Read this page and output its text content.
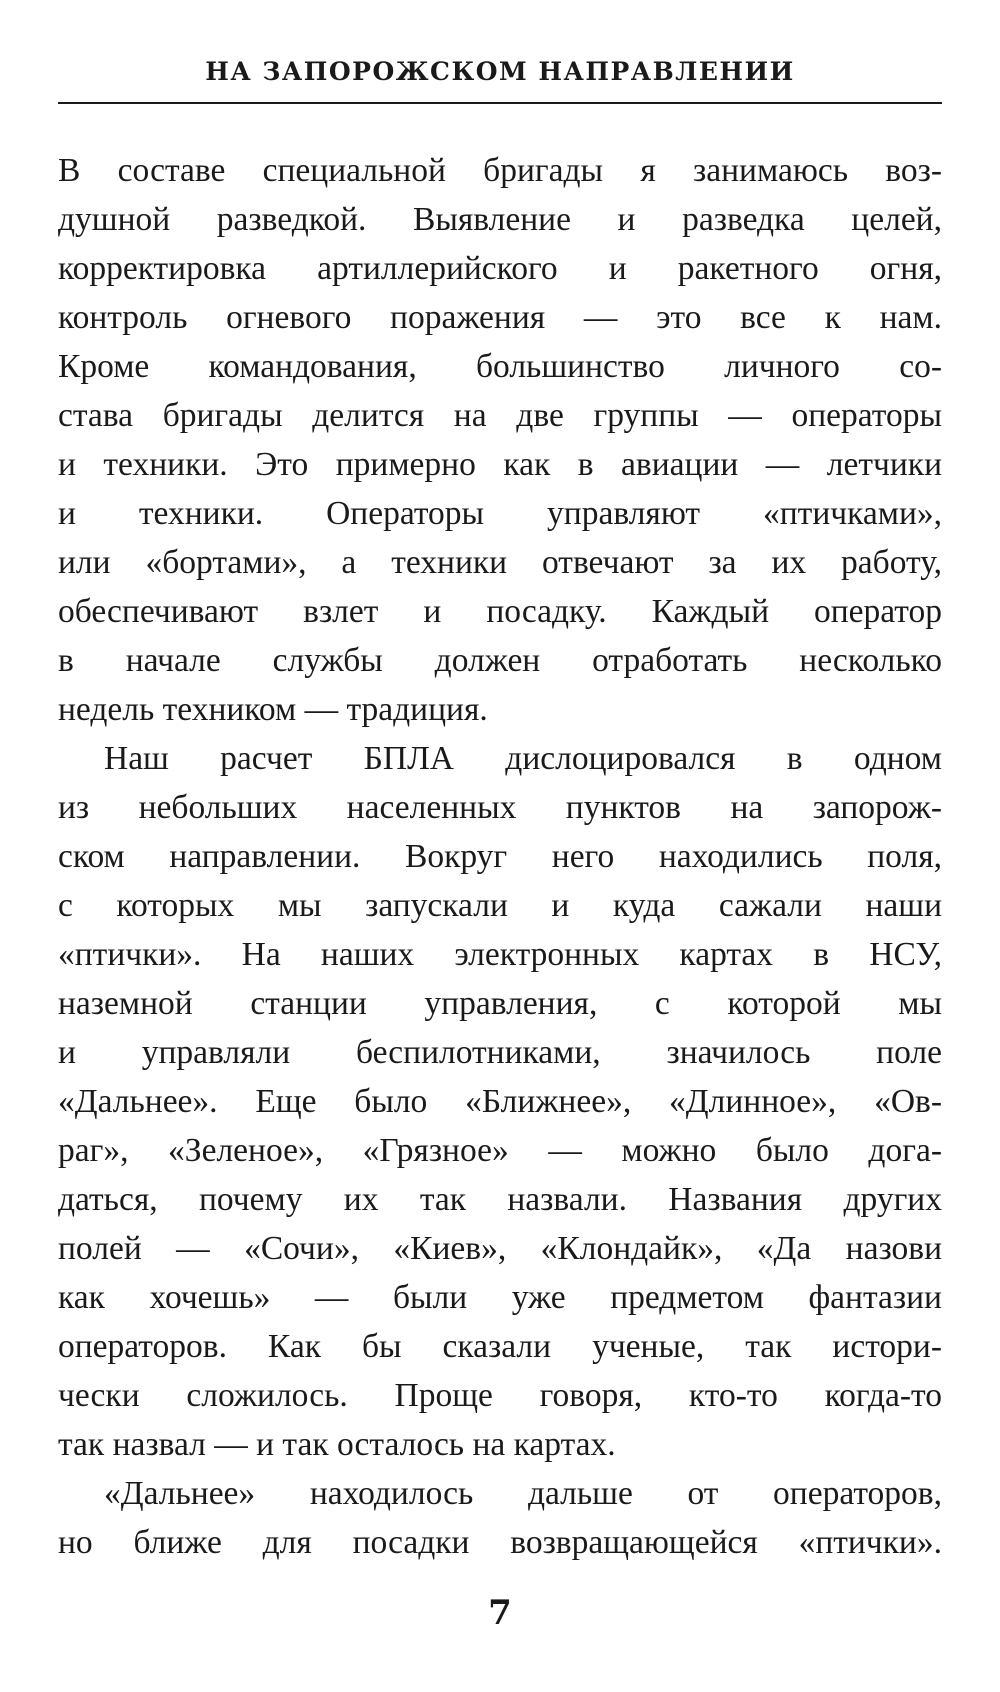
НА ЗАПОРОЖСКОМ НАПРАВЛЕНИИ
В составе специальной бригады я занимаюсь воз-
душной разведкой. Выявление и разведка целей,
корректировка артиллерийского и ракетного огня,
контроль огневого поражения — это все к нам.
Кроме командования, большинство личного со-
става бригады делится на две группы — операторы
и техники. Это примерно как в авиации — летчики
и техники. Операторы управляют «птичками»,
или «бортами», а техники отвечают за их работу,
обеспечивают взлет и посадку. Каждый оператор
в начале службы должен отработать несколько
недель техником — традиция.
Наш расчет БПЛА дислоцировался в одном
из небольших населенных пунктов на запорож-
ском направлении. Вокруг него находились поля,
с которых мы запускали и куда сажали наши
«птички». На наших электронных картах в НСУ,
наземной станции управления, с которой мы
и управляли беспилотниками, значилось поле
«Дальнее». Еще было «Ближнее», «Длинное», «Ов-
раг», «Зеленое», «Грязное» — можно было дога-
даться, почему их так назвали. Названия других
полей — «Сочи», «Киев», «Клондайк», «Да назови
как хочешь» — были уже предметом фантазии
операторов. Как бы сказали ученые, так истори-
чески сложилось. Проще говоря, кто-то когда-то
так назвал — и так осталось на картах.
«Дальнее» находилось дальше от операторов,
но ближе для посадки возвращающейся «птички».
7
